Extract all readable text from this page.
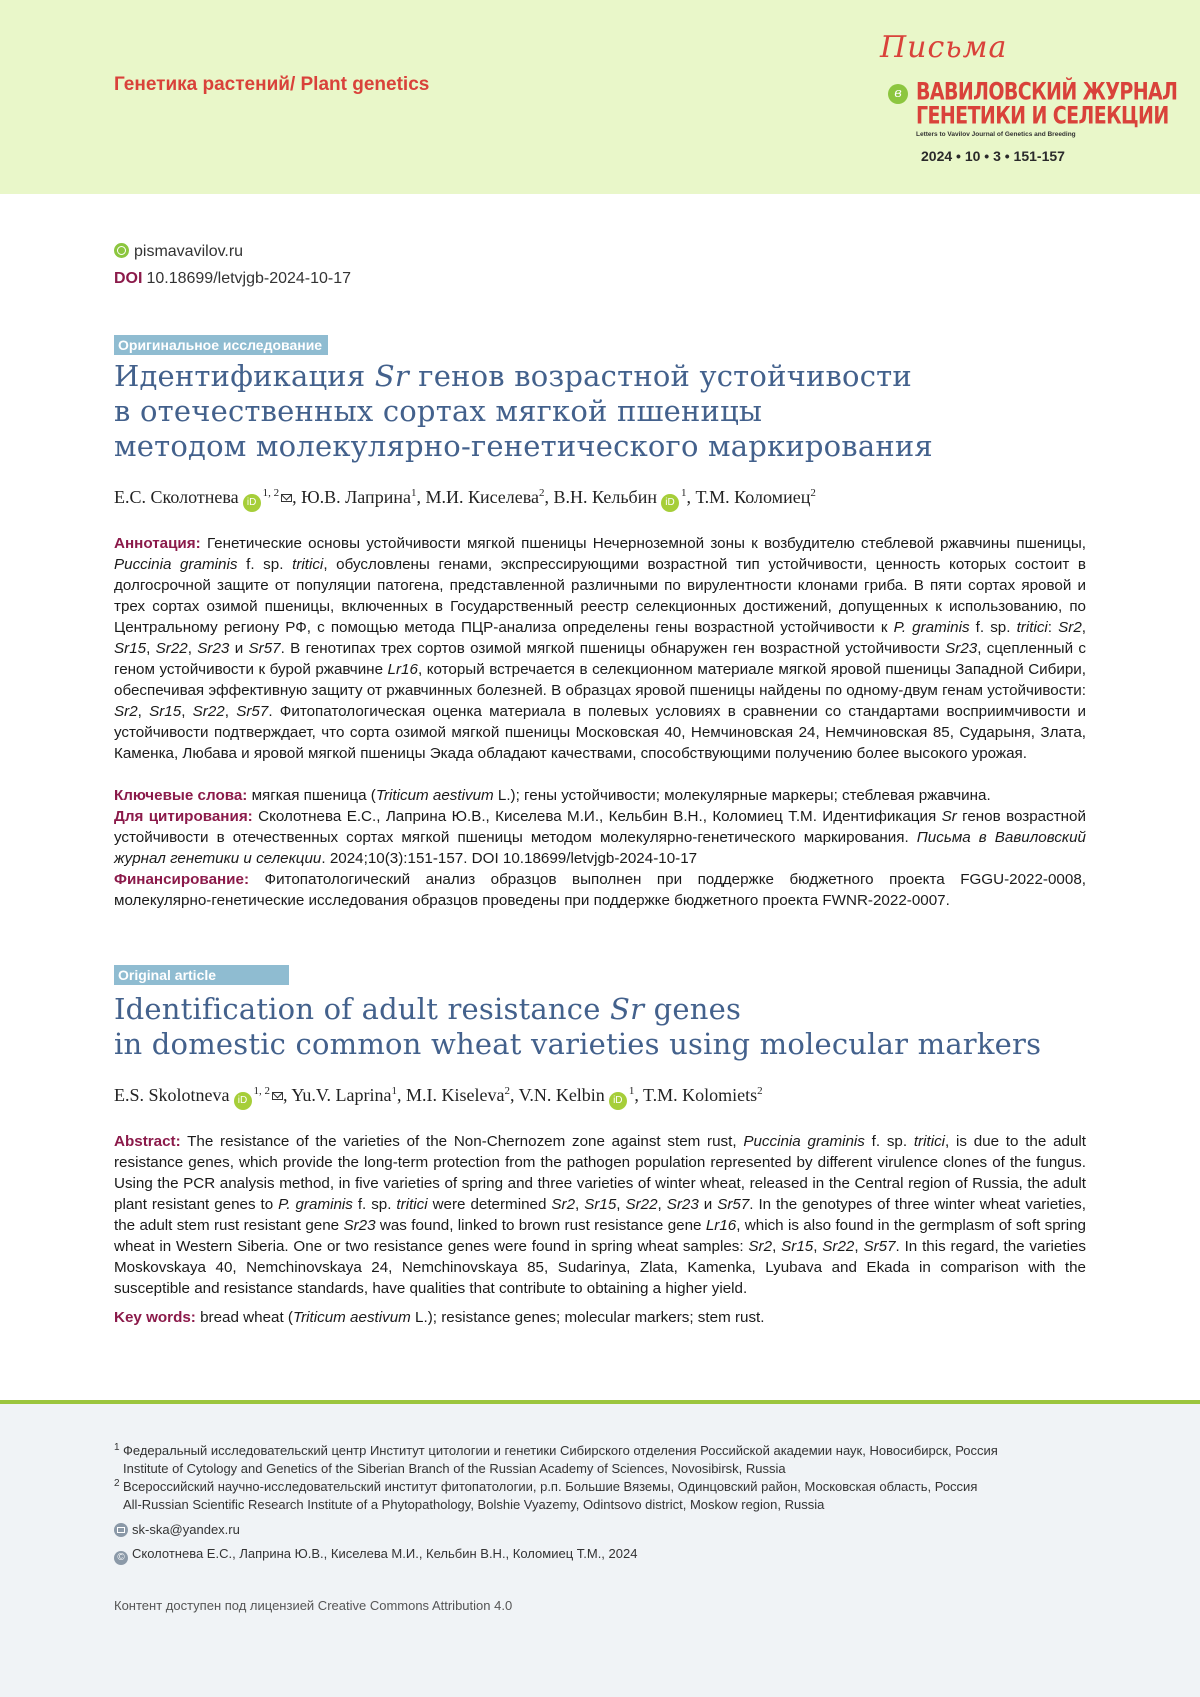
Генетика растений/ Plant genetics
Письма
в ВАВИЛОВСКИЙ ЖУРНАЛ
ГЕНЕТИКИ И СЕЛЕКЦИИ
Letters to Vavilov Journal of Genetics and Breeding
2024 • 10 • 3 • 151-157
pismavavilov.ru
DOI 10.18699/letvjgb-2024-10-17
Оригинальное исследование
Идентификация Sr генов возрастной устойчивости
в отечественных сортах мягкой пшеницы
методом молекулярно-генетического маркирования
Е.С. Сколотнева iD$^{1, 2}$ , Ю.В. Лаприна$^1$, М.И. Киселева$^2$, В.Н. Кельбин $iD^1$, Т.М. Коломиец$^2$
Аннотация: Генетические основы устойчивости мягкой пшеницы Нечерноземной зоны к возбудителю стеблевой ржавчины пшеницы, Puccinia graminis f. sp. tritici, обусловлены генами, экспрессирующими возрастной тип устойчивости, ценность которых состоит в долгосрочной защите от популяции патогена, представленной различными по вирулентности клонами гриба. В пяти сортах яровой и трех сортах озимой пшеницы, включенных в Государственный реестр селекционных достижений, допущенных к использованию, по Центральному региону РФ, с помощью метода ПЦР-анализа определены гены возрастной устойчивости к P. graminis f. sp. tritici: Sr2, Sr15, Sr22, Sr23 и Sr57. В генотипах трех сортов озимой мягкой пшеницы обнаружен ген возрастной устойчивости Sr23, сцепленный с геном устойчивости к бурой ржавчине Lr16, который встречается в селекционном материале мягкой яровой пшеницы Западной Сибири, обеспечивая эффективную защиту от ржавчинных болезней. В образцах яровой пшеницы найдены по одному-двум генам устойчивости: Sr2, Sr15, Sr22, Sr57. Фитопатологическая оценка материала в полевых условиях в сравнении со стандартами восприимчивости и устойчивости подтверждает, что сорта озимой мягкой пшеницы Московская 40, Немчиновская 24, Немчиновская 85, Сударыня, Злата, Каменка, Любава и яровой мягкой пшеницы Экада обладают качествами, способствующими получению более высокого урожая.
Ключевые слова: мягкая пшеница (Triticum aestivum L.); гены устойчивости; молекулярные маркеры; стеблевая ржавчина.
Для цитирования: Сколотнева Е.С., Лаприна Ю.В., Киселева М.И., Кельбин В.Н., Коломиец Т.М. Идентификация Sr генов возрастной устойчивости в отечественных сортах мягкой пшеницы методом молекулярно-генетического маркирования. Письма в Вавиловский журнал генетики и селекции. 2024;10(3):151-157. DOI 10.18699/letvjgb-2024-10-17
Финансирование: Фитопатологический анализ образцов выполнен при поддержке бюджетного проекта FGGU-2022-0008, молекулярно-генетические исследования образцов проведены при поддержке бюджетного проекта FWNR-2022-0007.
Original article
Identification of adult resistance Sr genes
in domestic common wheat varieties using molecular markers
E.S. Skolotneva iD$^{1, 2}$ , Yu.V. Laprina$^1$, M.I. Kiseleva$^2$, V.N. Kelbin $iD^1$, T.M. Kolomiets$^2$
Abstract: The resistance of the varieties of the Non-Chernozem zone against stem rust, Puccinia graminis f. sp. tritici, is due to the adult resistance genes, which provide the long-term protection from the pathogen population represented by different virulence clones of the fungus. Using the PCR analysis method, in five varieties of spring and three varieties of winter wheat, released in the Central region of Russia, the adult plant resistant genes to P. graminis f. sp. tritici were determined Sr2, Sr15, Sr22, Sr23 и Sr57. In the genotypes of three winter wheat varieties, the adult stem rust resistant gene Sr23 was found, linked to brown rust resistance gene Lr16, which is also found in the germplasm of soft spring wheat in Western Siberia. One or two resistance genes were found in spring wheat samples: Sr2, Sr15, Sr22, Sr57. In this regard, the varieties Moskovskaya 40, Nemchinovskaya 24, Nemchinovskaya 85, Sudarinya, Zlata, Kamenka, Lyubava and Ekada in comparison with the susceptible and resistance standards, have qualities that contribute to obtaining a higher yield.
Key words: bread wheat (Triticum aestivum L.); resistance genes; molecular markers; stem rust.
1 Федеральный исследовательский центр Институт цитологии и генетики Сибирского отделения Российской академии наук, Новосибирск, Россия
Institute of Cytology and Genetics of the Siberian Branch of the Russian Academy of Sciences, Novosibirsk, Russia
2 Всероссийский научно-исследовательский институт фитопатологии, р.п. Большие Вяземы, Одинцовский район, Московская область, Россия
All-Russian Scientific Research Institute of a Phytopathology, Bolshie Vyazemy, Odintsovo district, Moskow region, Russia
sk-ska@yandex.ru
© Сколотнева Е.С., Лаприна Ю.В., Киселева М.И., Кельбин В.Н., Коломиец Т.М., 2024
Контент доступен под лицензией Creative Commons Attribution 4.0
